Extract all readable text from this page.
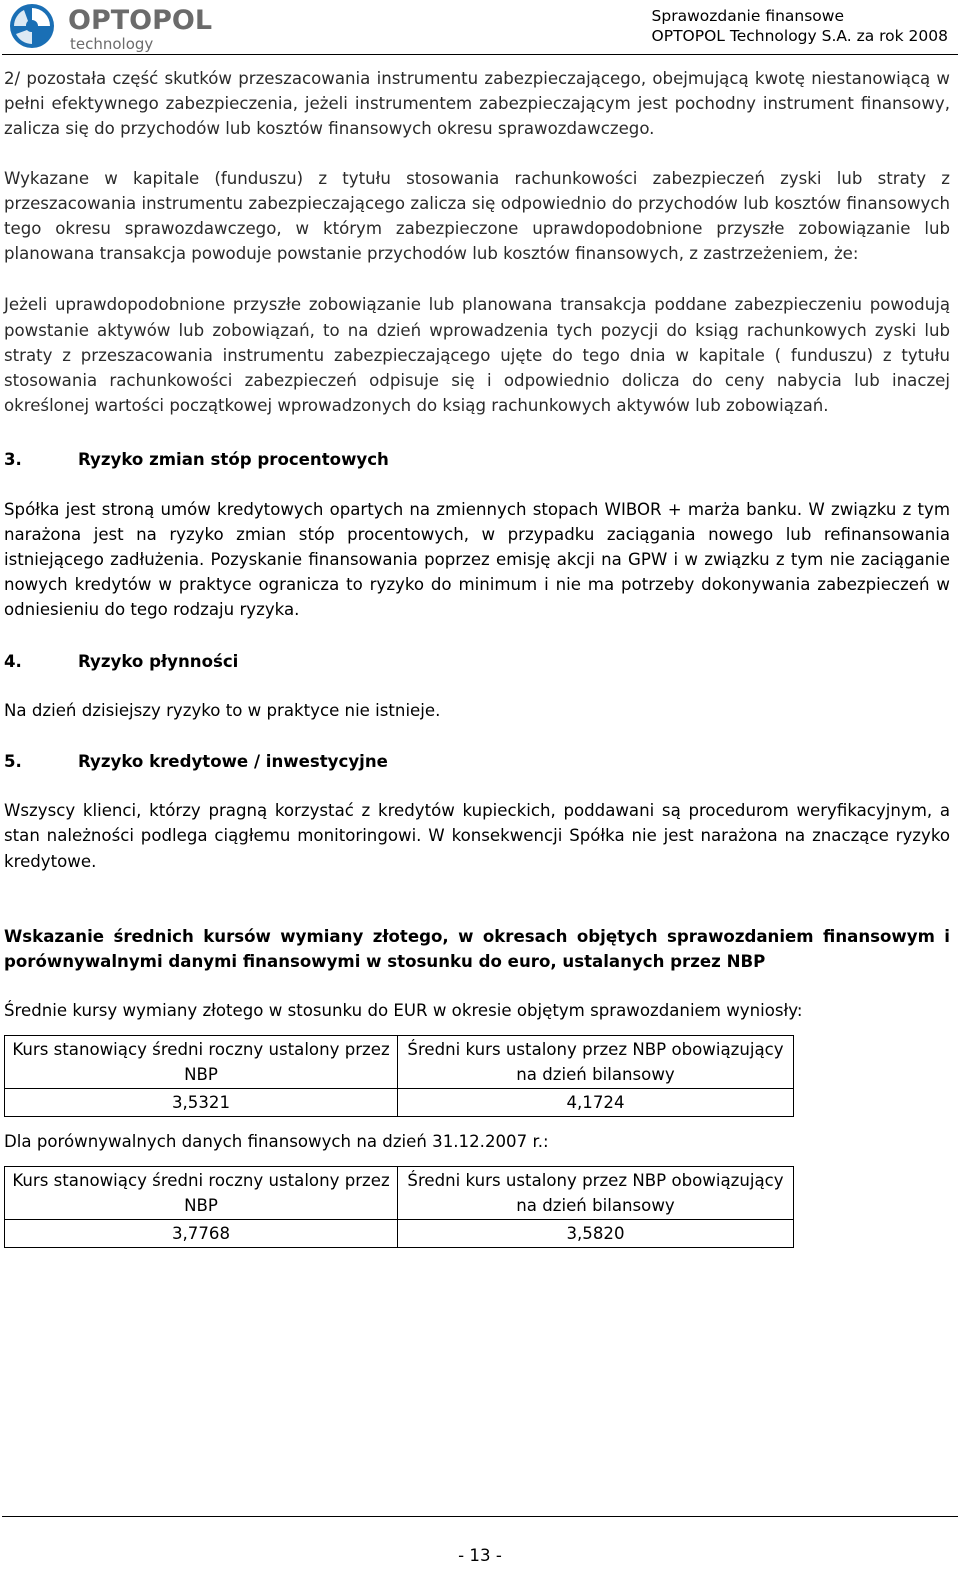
OPTOPOL
technology
Sprawozdanie finansowe
OPTOPOL Technology S.A. za rok 2008

2/ pozostała część skutków przeszacowania instrumentu zabezpieczającego, obejmującą kwotę niestanowiącą w pełni efektywnego zabezpieczenia, jeżeli instrumentem zabezpieczającym jest pochodny instrument finansowy, zalicza się do przychodów lub kosztów finansowych okresu sprawozdawczego.

Wykazane w kapitale (funduszu) z tytułu stosowania rachunkowości zabezpieczeń zyski lub straty z przeszacowania instrumentu zabezpieczającego zalicza się odpowiednio do przychodów lub kosztów finansowych tego okresu sprawozdawczego, w którym zabezpieczone uprawdopodobnione przyszłe zobowiązanie lub planowana transakcja powoduje powstanie przychodów lub kosztów finansowych, z zastrzeżeniem, że:

Jeżeli uprawdopodobnione przyszłe zobowiązanie lub planowana transakcja poddane zabezpieczeniu powodują powstanie aktywów lub zobowiązań, to na dzień wprowadzenia tych pozycji do ksiąg rachunkowych zyski lub straty z przeszacowania instrumentu zabezpieczającego ujęte do tego dnia w kapitale ( funduszu) z tytułu stosowania rachunkowości zabezpieczeń odpisuje się i odpowiednio dolicza do ceny nabycia lub inaczej określonej wartości początkowej wprowadzonych do ksiąg rachunkowych aktywów lub zobowiązań.

3.	Ryzyko zmian stóp procentowych

Spółka jest stroną umów kredytowych opartych na zmiennych stopach WIBOR + marża banku. W związku z tym narażona jest na ryzyko zmian stóp procentowych, w przypadku zaciągania nowego lub refinansowania istniejącego zadłużenia. Pozyskanie finansowania poprzez emisję akcji na GPW i w związku z tym nie zaciąganie nowych kredytów w praktyce ogranicza to ryzyko do minimum i nie ma potrzeby dokonywania zabezpieczeń w odniesieniu do tego rodzaju ryzyka.

4.	Ryzyko płynności

Na dzień dzisiejszy ryzyko to w praktyce nie istnieje.

5.	Ryzyko kredytowe / inwestycyjne

Wszyscy klienci, którzy pragną korzystać z kredytów kupieckich, poddawani są procedurom weryfikacyjnym, a stan należności podlega ciągłemu monitoringowi. W konsekwencji Spółka nie jest narażona na znaczące ryzyko kredytowe.

Wskazanie średnich kursów wymiany złotego, w okresach objętych sprawozdaniem finansowym i porównywalnymi danymi finansowymi w stosunku do euro, ustalanych przez NBP

Średnie kursy wymiany złotego w stosunku do EUR w okresie objętym sprawozdaniem wyniosły:

Kurs stanowiący średni roczny ustalony przez NBP	Średni kurs ustalony przez NBP obowiązujący na dzień bilansowy
3,5321	4,1724

Dla porównywalnych danych finansowych na dzień 31.12.2007 r.:

Kurs stanowiący średni roczny ustalony przez NBP	Średni kurs ustalony przez NBP obowiązujący na dzień bilansowy
3,7768	3,5820
- 13 -
